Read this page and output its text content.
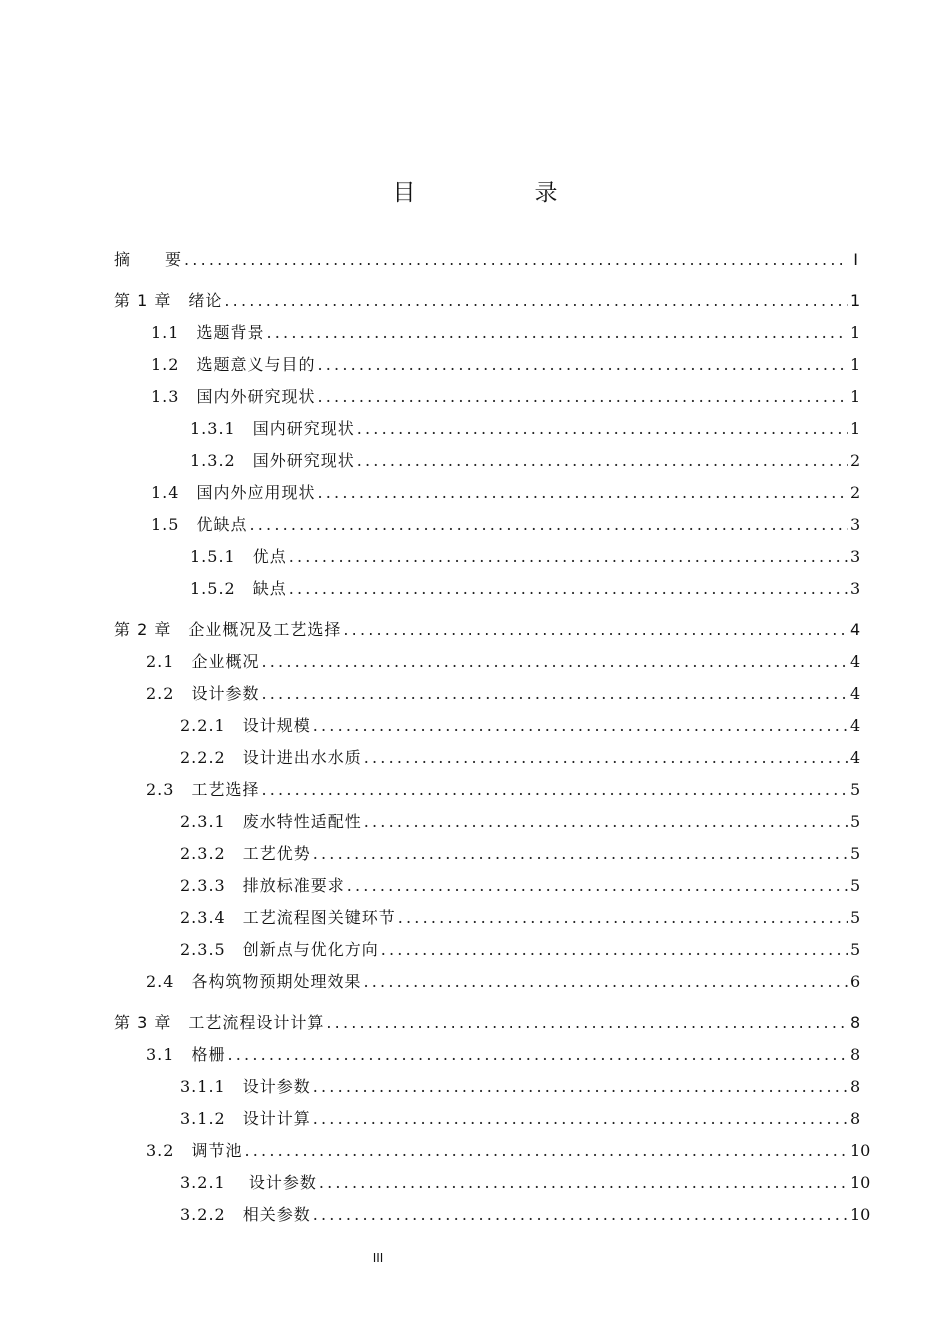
目　录
摘　　要 .....	I
第 1 章　 绪论 .....	1
1.1　 选题背景 .....	1
1.2　 选题意义与目的 .....	1
1.3　 国内外研究现状 .....	1
1.3.1　 国内研究现状 .....	1
1.3.2　 国外研究现状 .....	2
1.4　 国内外应用现状 .....	2
1.5　 优缺点 .....	3
1.5.1　 优点 .....	3
1.5.2　 缺点 .....	3
第 2 章　 企业概况及工艺选择 .....	4
2.1　 企业概况 .....	4
2.2　 设计参数 .....	4
2.2.1　 设计规模 .....	4
2.2.2　 设计进出水水质 .....	4
2.3　 工艺选择 .....	5
2.3.1　 废水特性适配性 .....	5
2.3.2　 工艺优势 .....	5
2.3.3　 排放标准要求 .....	5
2.3.4　 工艺流程图关键环节 .....	5
2.3.5　 创新点与优化方向 .....	5
2.4　 各构筑物预期处理效果 .....	6
第 3 章　 工艺流程设计计算 .....	8
3.1　 格栅 .....	8
3.1.1　 设计参数 .....	8
3.1.2　 设计计算 .....	8
3.2　 调节池 .....	10
3.2.1　 设计参数 .....	10
3.2.2　 相关参数 .....	10
III
